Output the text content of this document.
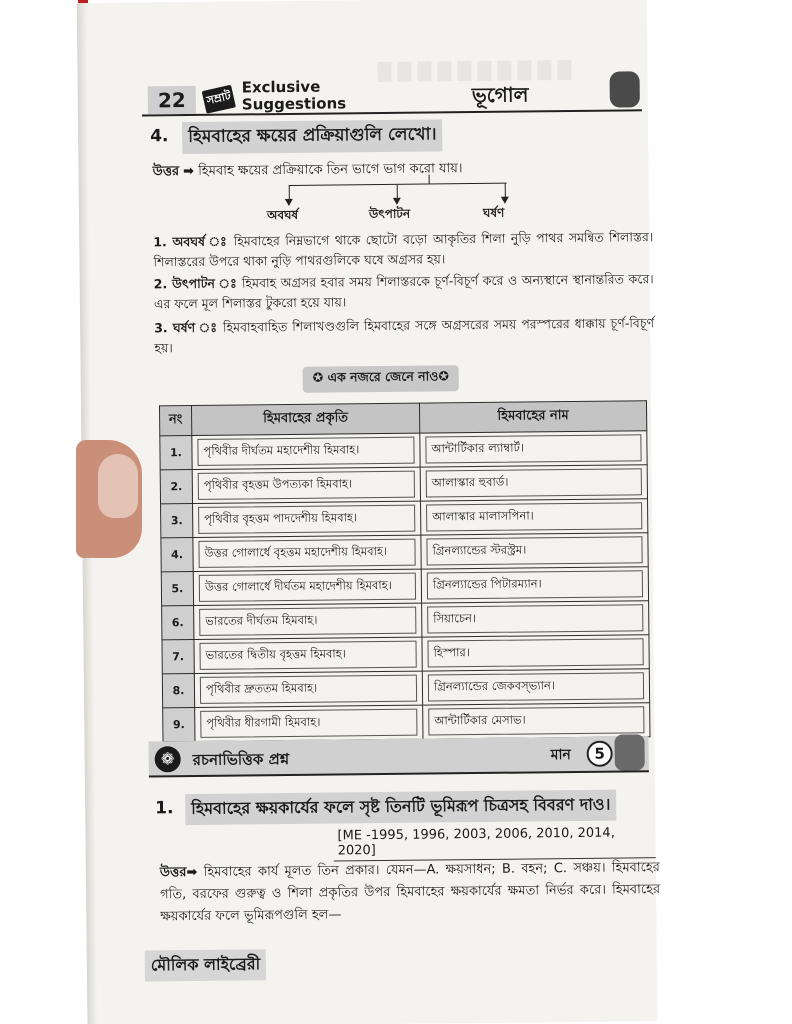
22	সম্রাট
Exclusive
Suggestions	ভূগোল
4.	হিমবাহের ক্ষয়ের প্রক্রিয়াগুলি লেখো।
উত্তর ➡ হিমবাহ ক্ষয়ের প্রক্রিয়াকে তিন ভাগে ভাগ করো যায়।
অবঘর্ষ	উৎপাটন	ঘর্ষণ
1. অবঘর্ষ ঃ হিমবাহের নিম্নভাগে থাকে ছোটো বড়ো আকৃতির শিলা নুড়ি পাথর সমন্বিত শিলাস্তর। শিলাস্তরের উপরে থাকা নুড়ি পাথরগুলিকে ঘষে অগ্রসর হয়।
2. উৎপাটন ঃ হিমবাহ অগ্রসর হবার সময় শিলাস্তরকে চূর্ণ-বিচূর্ণ করে ও অন্যস্থানে স্থানান্তরিত করে। এর ফলে মূল শিলাস্তর টুকরো হয়ে যায়।
3. ঘর্ষণ ঃ হিমবাহবাহিত শিলাখণ্ডগুলি হিমবাহের সঙ্গে অগ্রসরের সময় পরস্পরের ধাক্কায় চূর্ণ-বিচূর্ণ হয়।
✪ এক নজরে জেনে নাও✪
নং	হিমবাহের প্রকৃতি	হিমবাহের নাম
1.	পৃথিবীর দীর্ঘতম মহাদেশীয় হিমবাহ।	আন্টার্টিকার ল্যাম্বার্ট।

2.	পৃথিবীর বৃহত্তম উপত্যকা হিমবাহ।	আলাস্কার হুবার্ড।

3.	পৃথিবীর বৃহত্তম পাদদেশীয় হিমবাহ।	আলাস্কার মালাসপিনা।

4.	উত্তর গোলার্ধে বৃহত্তম মহাদেশীয় হিমবাহ।	গ্রিনল্যান্ডের স্টরস্ট্রম।

5.	উত্তর গোলার্ধে দীর্ঘতম মহাদেশীয় হিমবাহ।	গ্রিনল্যান্ডের পিটারম্যান।

6.	ভারতের দীর্ঘতম হিমবাহ।	সিয়াচেন।

7.	ভারতের দ্বিতীয় বৃহত্তম হিমবাহ।	হিস্পার।

8.	পৃথিবীর দ্রুততম হিমবাহ।	গ্রিনল্যান্ডের জেকবস্‌ভ্যান।

9.	পৃথিবীর ধীরগামী হিমবাহ।	আন্টার্টিকার মেসাভ।
❁	রচনাভিত্তিক প্রশ্ন	মান	5
1.	হিমবাহের ক্ষয়কার্যের ফলে সৃষ্ট তিনটি ভূমিরূপ চিত্রসহ বিবরণ দাও।
[ME -1995, 1996, 2003, 2006, 2010, 2014, 2020]
উত্তর➡ হিমবাহের কার্য মূলত তিন প্রকার। যেমন—A. ক্ষয়সাধন; B. বহন; C. সঞ্চয়। হিমবাহের গতি, বরফের গুরুত্ব ও শিলা প্রকৃতির উপর হিমবাহের ক্ষয়কার্যের ক্ষমতা নির্ভর করে। হিমবাহের ক্ষয়কার্যের ফলে ভূমিরূপগুলি হল—
মৌলিক লাইব্রেরী
